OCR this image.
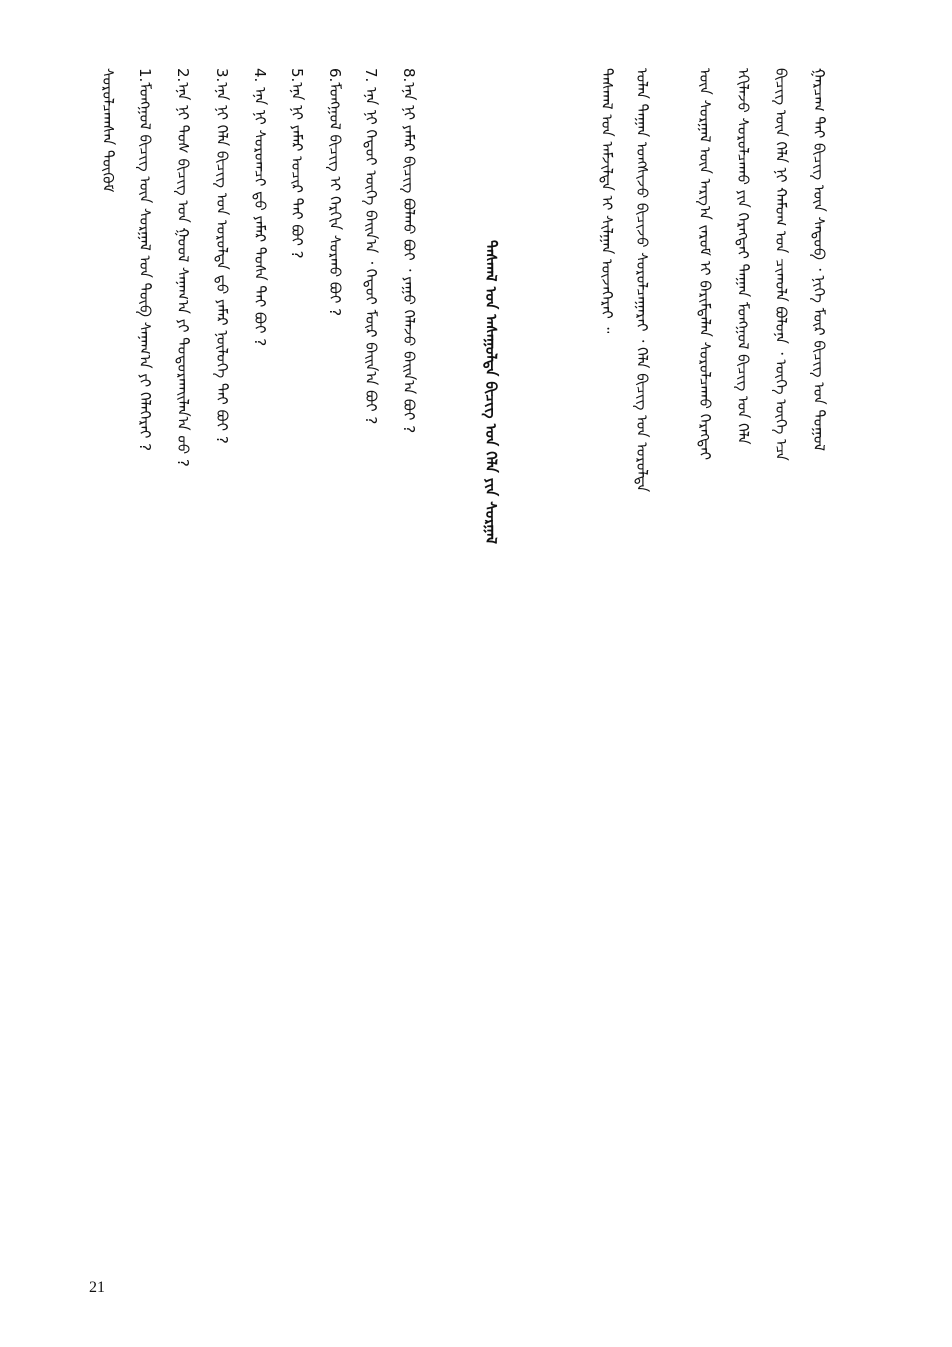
ᠭᠠᠷᠴᠠᠭ ᠲᠠᠢ ᠪᠢᠴᠢᠭ ᠦᠨ ᠰᠡᠳᠦᠪ ᠂ ᠨᠢᠭᠡ ᠮᠥᠷ ᠪᠢᠴᠢᠭ ᠤᠨ ᠳᠣᠭᠣᠯ
ᠪᠢᠴᠢᠭ ᠦᠨ ᠬᠡᠯᠡ ᠨᠢ ᠬᠠᠮᠤᠭ ᠤᠨ ᠴᠢᠬᠤᠯᠠ ᠪᠣᠯᠤᠨᠠ ᠂ ᠦᠭᠡ ᠦᠭᠡ ᠡᠴᠡ
ᠡᠬᠢᠯᠡᠵᠦ ᠰᠤᠷᠤᠯᠴᠠᠬᠤ ᠶᠢᠨ ᠬᠡᠷᠡᠭᠲᠡᠢ ᠳᠠᠭᠠᠨ ᠮᠣᠩᠭᠣᠯ ᠪᠢᠴᠢᠭ ᠤᠨ ᠬᠡᠯᠡ
ᠦᠨ ᠰᠤᠷᠭᠠᠯ ᠦᠨ ᠠᠷᠭ᠎ᠠ ᠵᠠᠷᠤᠮ ᠢ ᠪᠠᠷᠢᠮᠳᠠᠯᠠᠨ ᠰᠤᠷᠤᠯᠴᠠᠬᠤ ᠬᠡᠷᠡᠭᠲᠡᠢ
ᠣᠯᠠᠨ ᠳᠠᠭᠠᠨ ᠤᠩᠰᠢᠵᠤ ᠪᠢᠴᠢᠵᠦ ᠰᠤᠷᠤᠯᠴᠠᠭᠠᠷᠠᠢ ᠂ ᠬᠡᠯᠡ ᠪᠢᠴᠢᠭ ᠤᠨ ᠤᠷᠤᠯᠲᠠ
ᠳᠠᠰᠬᠠᠯ ᠤᠨ ᠠᠮᠵᠢᠯᠲᠠ ᠢ ᠰᠢᠯᠭᠠᠨ ᠦᠵᠡᠭᠡᠷᠡᠢ ᠃
ᠳᠠᠰᠬᠠᠯ ᠤᠨ ᠠᠰᠠᠭᠤᠯᠲᠠ ᠪᠢᠴᠢᠭ ᠤᠨ ᠬᠡᠯᠡ ᠶᠢᠨ ᠰᠤᠷᠭᠠᠯ
8.ᠡᠨᠡ ᠨᠢ ᠶᠠᠮᠠᠷ ᠪᠢᠴᠢᠭ ᠪᠣᠯᠬᠤ ᠪᠤᠢ ᠂ ᠶᠠᠭᠤ ᠬᠡᠯᠡᠵᠦ ᠪᠠᠢᠨ᠎ᠠ ᠪᠤᠢ ?
7. ᠡᠨᠡ ᠨᠢ ᠬᠡᠳᠦᠢ ᠦᠭᠡ ᠪᠠᠢᠨ᠎ᠠ ᠂ ᠬᠡᠳᠦᠢ ᠮᠥᠷ ᠪᠠᠢᠨ᠎ᠠ ᠪᠤᠢ ?
6.ᠮᠣᠩᠭᠣᠯ ᠪᠢᠴᠢᠭ ᠢ ᠬᠡᠷᠬᠢᠨ ᠰᠤᠷᠬᠤ ᠪᠤᠢ ?
5.ᠡᠨᠡ ᠨᠢ ᠶᠠᠮᠠᠷ ᠤᠴᠢᠷ ᠲᠠᠢ ᠪᠤᠢ ?
4. ᠡᠨᠡ ᠨᠢ ᠰᠤᠷᠤᠭᠴᠢ ᠳ᠋ᠤ ᠶᠠᠮᠠᠷ ᠲᠤᠰᠠ ᠲᠠᠢ ᠪᠤᠢ ?
3.ᠡᠨᠡ ᠨᠢ ᠬᠡᠯᠡ ᠪᠢᠴᠢᠭ ᠤᠨ ᠤᠷᠤᠯᠲᠠ ᠳ᠋ᠤ ᠶᠠᠮᠠᠷ ᠨᠥᠯᠦᠭᠡ ᠲᠠᠢ ᠪᠤᠢ ?
2.ᠡᠨᠡ ᠨᠢ ᠲᠤᠰ ᠪᠢᠴᠢᠭ ᠤᠨ ᠭᠣᠤᠯ ᠰᠠᠨᠠᠭ᠎ᠠ ᠶᠢ ᠲᠣᠳᠣᠷᠬᠠᠢᠯᠠᠨ᠎ᠠ ᠤᠤ ?
1.ᠮᠣᠩᠭᠣᠯ ᠪᠢᠴᠢᠭ ᠦᠨ ᠰᠤᠷᠭᠠᠯ ᠤᠨ ᠲᠥᠪ ᠰᠠᠨᠠᠭ᠎ᠠ ᠶᠢ ᠬᠡᠯᠡᠭᠡᠷᠡᠢ ?
ᠰᠤᠷᠤᠯᠴᠠᠭᠰᠠᠨ ᠳᠦᠭᠦᠮ
21
